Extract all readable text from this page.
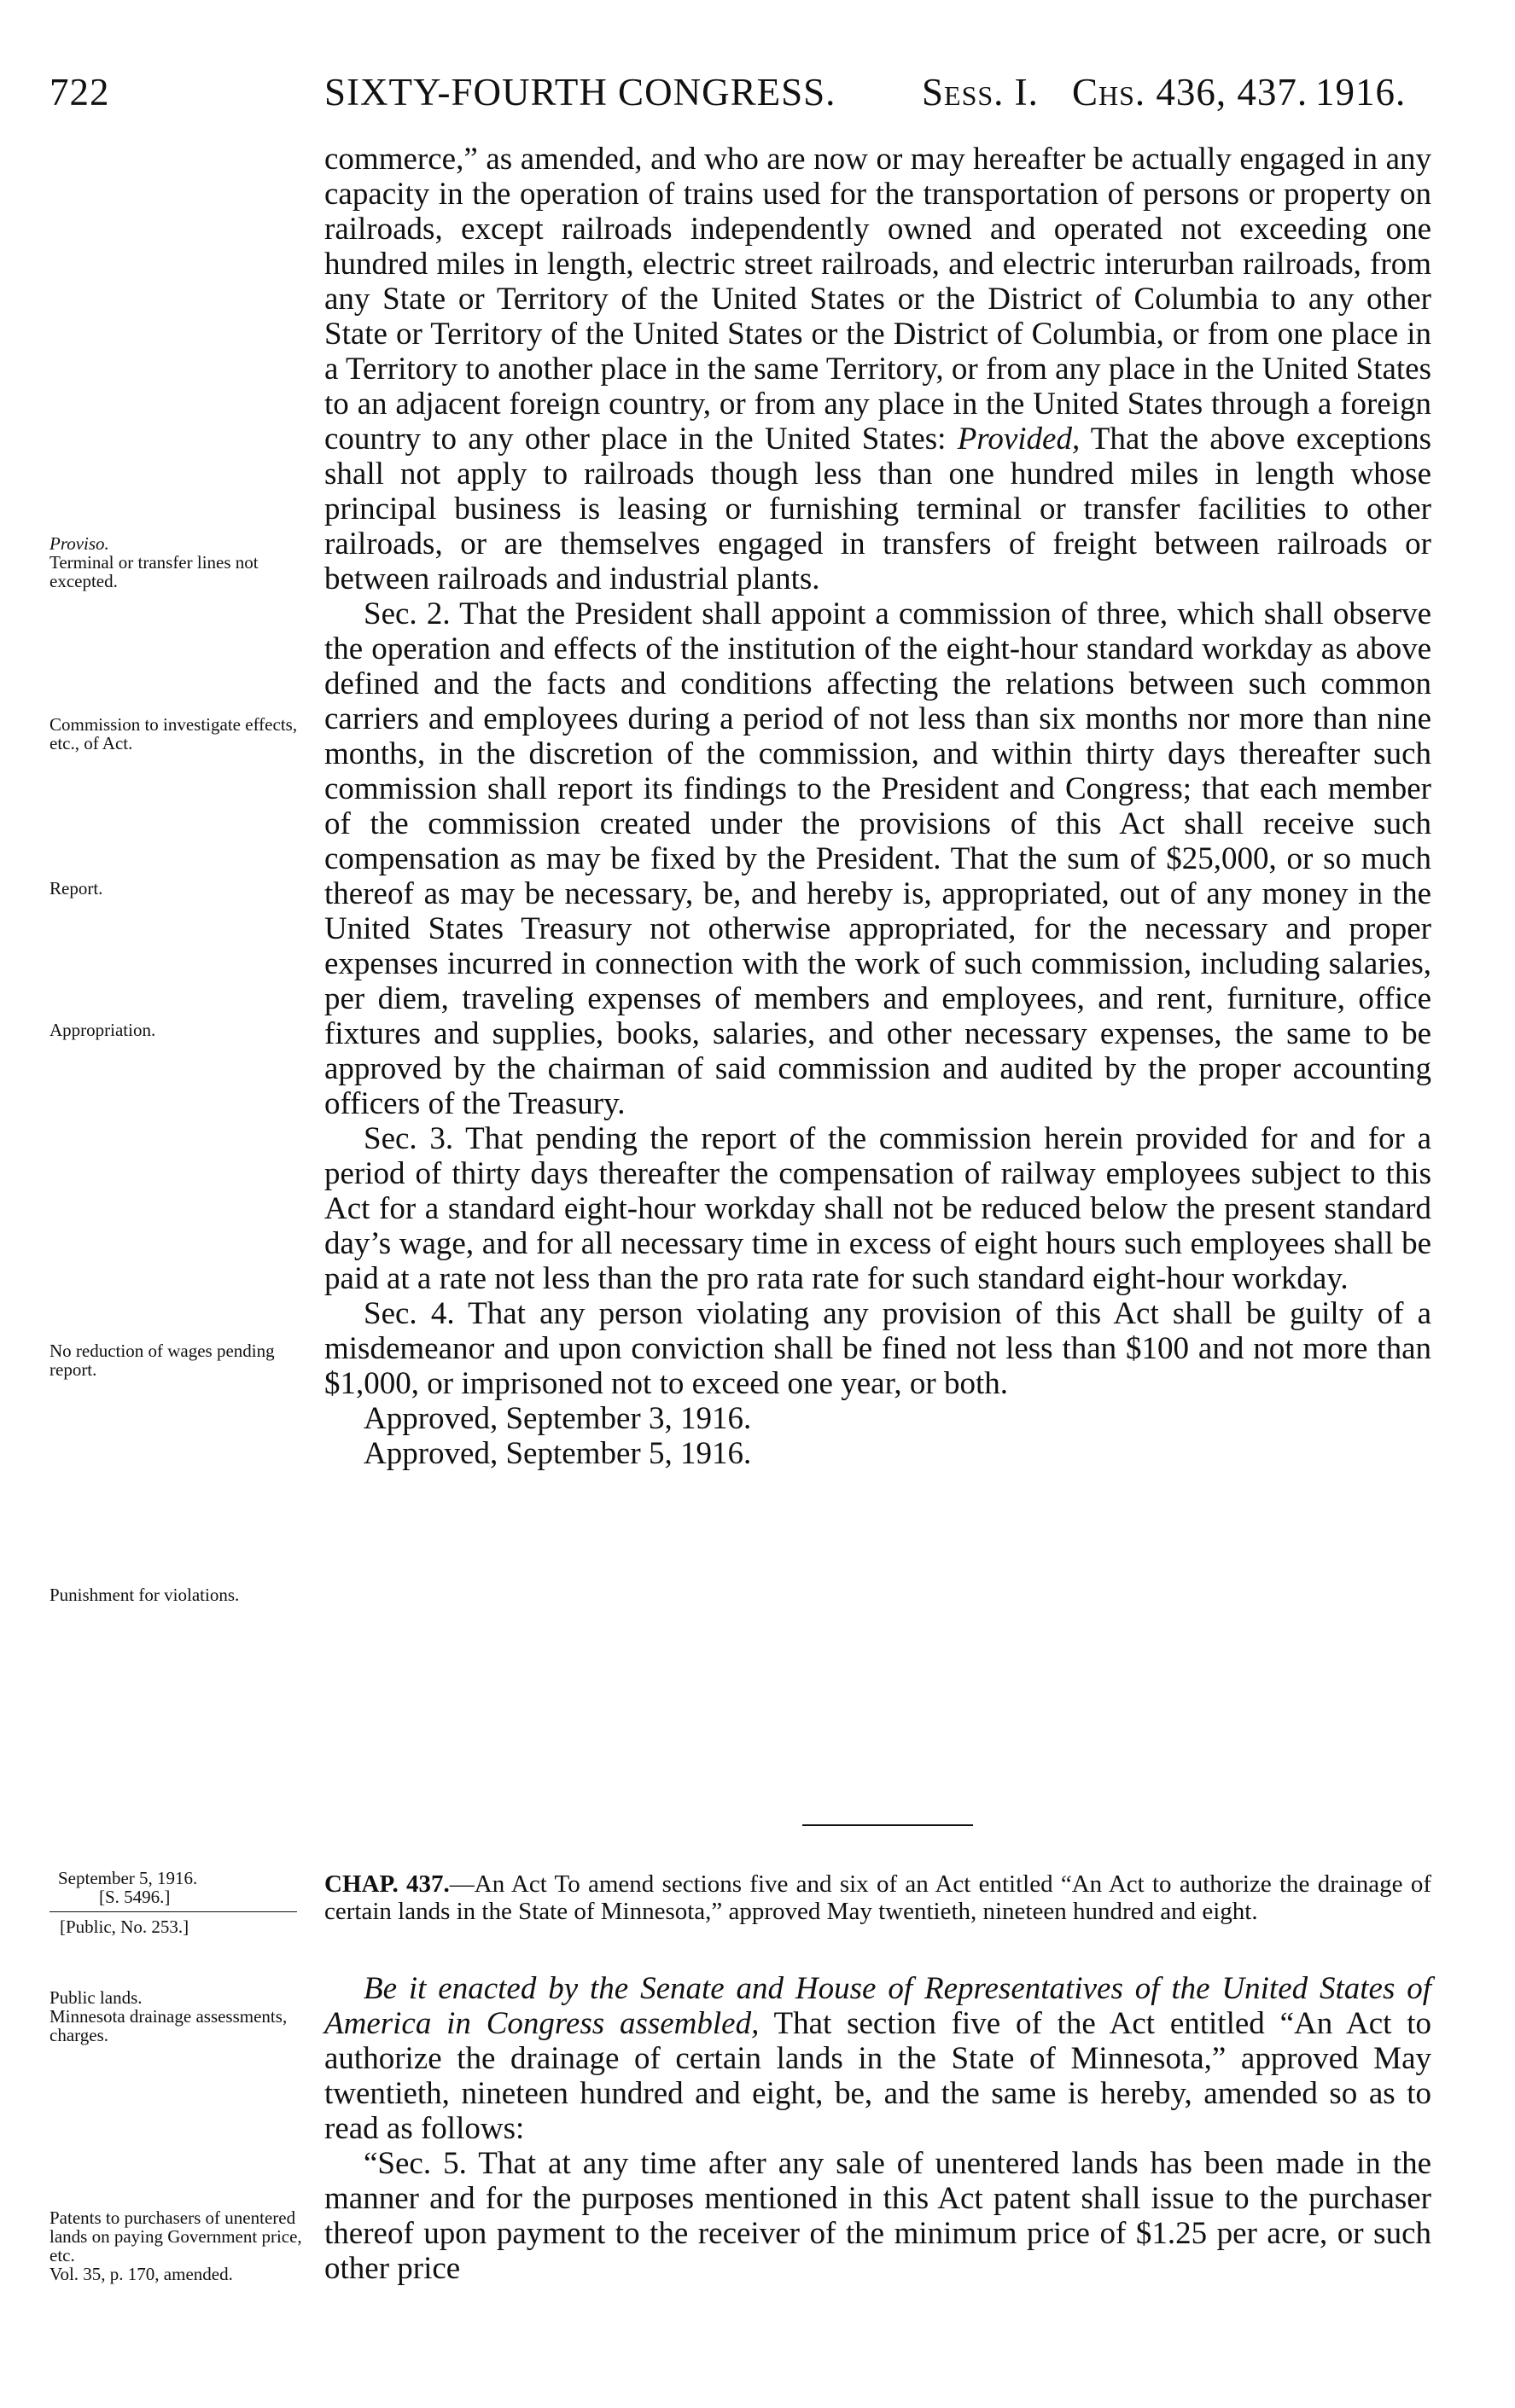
722	SIXTY-FOURTH CONGRESS. Sess. I. Chs. 436, 437. 1916.

commerce,” as amended, and who are now or may hereafter be actually engaged in any capacity in the operation of trains used for the transportation of persons or property on railroads, except railroads independently owned and operated not exceeding one hundred miles in length, electric street railroads, and electric interurban railroads, from any State or Territory of the United States or the District of Columbia to any other State or Territory of the United States or the District of Columbia, or from one place in a Territory to another place in the same Territory, or from any place in the United States to an adjacent foreign country, or from any place in the United States through a foreign country to any other place in the United States: Provided, That the above exceptions shall not apply to railroads though less than one hundred miles in length whose principal business is leasing or furnishing terminal or transfer facilities to other railroads, or are themselves engaged in transfers of freight between railroads or between railroads and industrial plants.

Sec. 2. That the President shall appoint a commission of three, which shall observe the operation and effects of the institution of the eight-hour standard workday as above defined and the facts and conditions affecting the relations between such common carriers and employees during a period of not less than six months nor more than nine months, in the discretion of the commission, and within thirty days thereafter such commission shall report its findings to the President and Congress; that each member of the commission created under the provisions of this Act shall receive such compensation as may be fixed by the President. That the sum of $25,000, or so much thereof as may be necessary, be, and hereby is, appropriated, out of any money in the United States Treasury not otherwise appropriated, for the necessary and proper expenses incurred in connection with the work of such commission, including salaries, per diem, traveling expenses of members and employees, and rent, furniture, office fixtures and supplies, books, salaries, and other necessary expenses, the same to be approved by the chairman of said commission and audited by the proper accounting officers of the Treasury.

Sec. 3. That pending the report of the commission herein provided for and for a period of thirty days thereafter the compensation of railway employees subject to this Act for a standard eight-hour workday shall not be reduced below the present standard day’s wage, and for all necessary time in excess of eight hours such employees shall be paid at a rate not less than the pro rata rate for such standard eight-hour workday.

Sec. 4. That any person violating any provision of this Act shall be guilty of a misdemeanor and upon conviction shall be fined not less than $100 and not more than $1,000, or imprisoned not to exceed one year, or both.

Approved, September 3, 1916.

Approved, September 5, 1916.

Proviso.
Terminal or transfer lines not excepted.
Commission to investigate effects, etc., of Act.
Report.
Appropriation.
No reduction of wages pending report.
Punishment for violations.
September 5, 1916.
[S. 5496.]
[Public, No. 253.]
CHAP. 437.—An Act To amend sections five and six of an Act entitled “An Act to authorize the drainage of certain lands in the State of Minnesota,” approved May twentieth, nineteen hundred and eight.

Be it enacted by the Senate and House of Representatives of the United States of America in Congress assembled, That section five of the Act entitled “An Act to authorize the drainage of certain lands in the State of Minnesota,” approved May twentieth, nineteen hundred and eight, be, and the same is hereby, amended so as to read as follows:

“Sec. 5. That at any time after any sale of unentered lands has been made in the manner and for the purposes mentioned in this Act patent shall issue to the purchaser thereof upon payment to the receiver of the minimum price of $1.25 per acre, or such other price

Public lands.
Minnesota drainage assessments, charges.
Patents to purchasers of unentered lands on paying Government price, etc.
Vol. 35, p. 170, amended.
